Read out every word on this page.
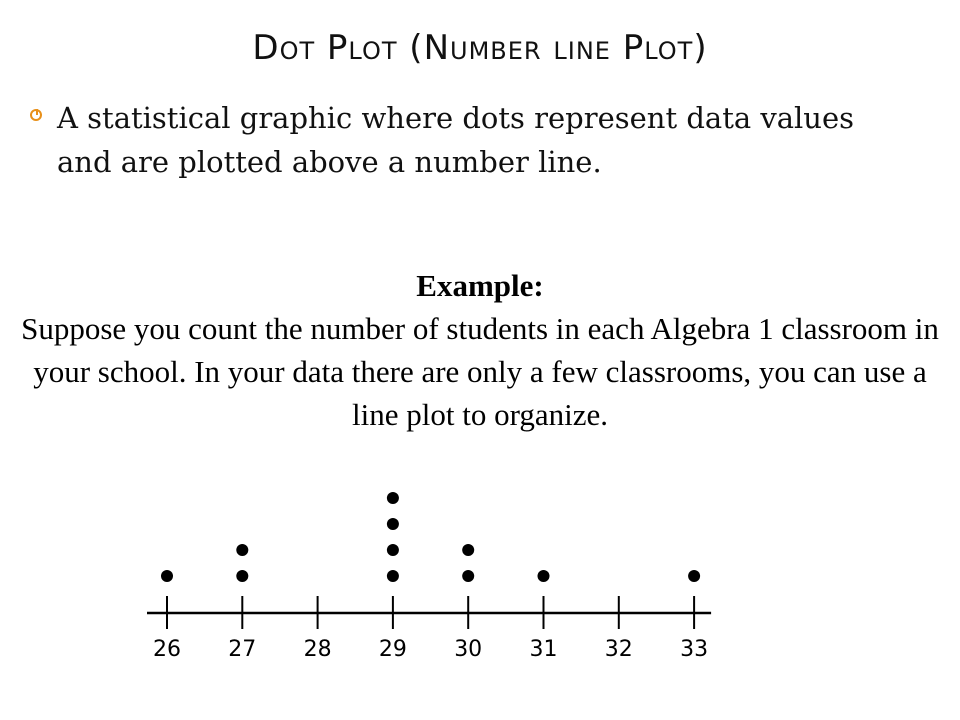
Dot Plot (Number line Plot)
A statistical graphic where dots represent data values and are plotted above a number line.
Example:
Suppose you count the number of students in each Algebra 1 classroom in your school. In your data there are only a few classrooms, you can use a line plot to organize.
26 27 28 29 30 31 32 33
